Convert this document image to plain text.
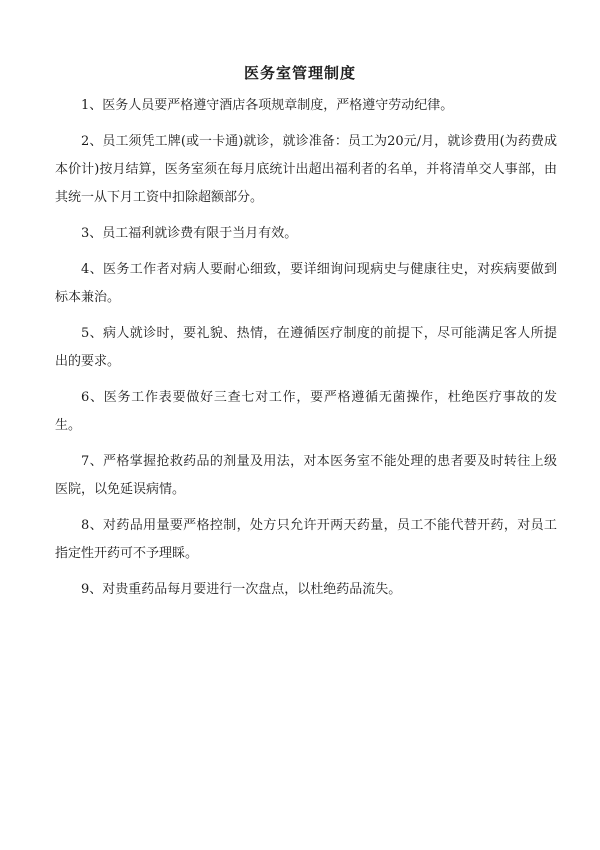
医务室管理制度
1、医务人员要严格遵守酒店各项规章制度，严格遵守劳动纪律。
2、员工须凭工牌(或一卡通)就诊，就诊准备：员工为20元/月，就诊费用(为药费成本价计)按月结算，医务室须在每月底统计出超出福利者的名单，并将清单交人事部，由其统一从下月工资中扣除超额部分。
3、员工福利就诊费有限于当月有效。
4、医务工作者对病人要耐心细致，要详细询问现病史与健康往史，对疾病要做到标本兼治。
5、病人就诊时，要礼貌、热情，在遵循医疗制度的前提下，尽可能满足客人所提出的要求。
6、医务工作表要做好三查七对工作，要严格遵循无菌操作，杜绝医疗事故的发生。
7、严格掌握抢救药品的剂量及用法，对本医务室不能处理的患者要及时转往上级医院，以免延误病情。
8、对药品用量要严格控制，处方只允许开两天药量，员工不能代替开药，对员工指定性开药可不予理睬。
9、对贵重药品每月要进行一次盘点，以杜绝药品流失。
